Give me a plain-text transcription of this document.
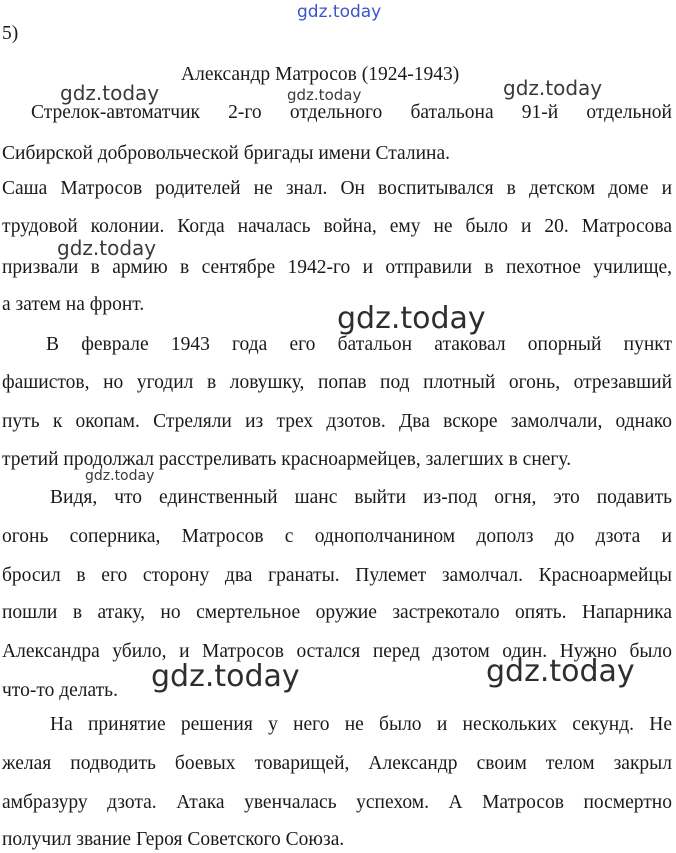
gdz.today
gdz.today	gdz.today	gdz.today
gdz.today
gdz.today
gdz.today
gdz.today	gdz.today
5)
Александр Матросов (1924-1943)
Стрелок-автоматчик 2-го отдельного батальона 91-й отдельной
Сибирской добровольческой бригады имени Сталина.
Саша Матросов родителей не знал. Он воспитывался в детском доме и
трудовой колонии. Когда началась война, ему не было и 20. Матросова
призвали в армию в сентябре 1942-го и отправили в пехотное училище,
а затем на фронт.
В феврале 1943 года его батальон атаковал опорный пункт
фашистов, но угодил в ловушку, попав под плотный огонь, отрезавший
путь к окопам. Стреляли из трех дзотов. Два вскоре замолчали, однако
третий продолжал расстреливать красноармейцев, залегших в снегу.
Видя, что единственный шанс выйти из-под огня, это подавить
огонь соперника, Матросов с однополчанином дополз до дзота и
бросил в его сторону два гранаты. Пулемет замолчал. Красноармейцы
пошли в атаку, но смертельное оружие застрекотало опять. Напарника
Александра убило, и Матросов остался перед дзотом один. Нужно было
что-то делать.
На принятие решения у него не было и нескольких секунд. Не
желая подводить боевых товарищей, Александр своим телом закрыл
амбразуру дзота. Атака увенчалась успехом. А Матросов посмертно
получил звание Героя Советского Союза.
